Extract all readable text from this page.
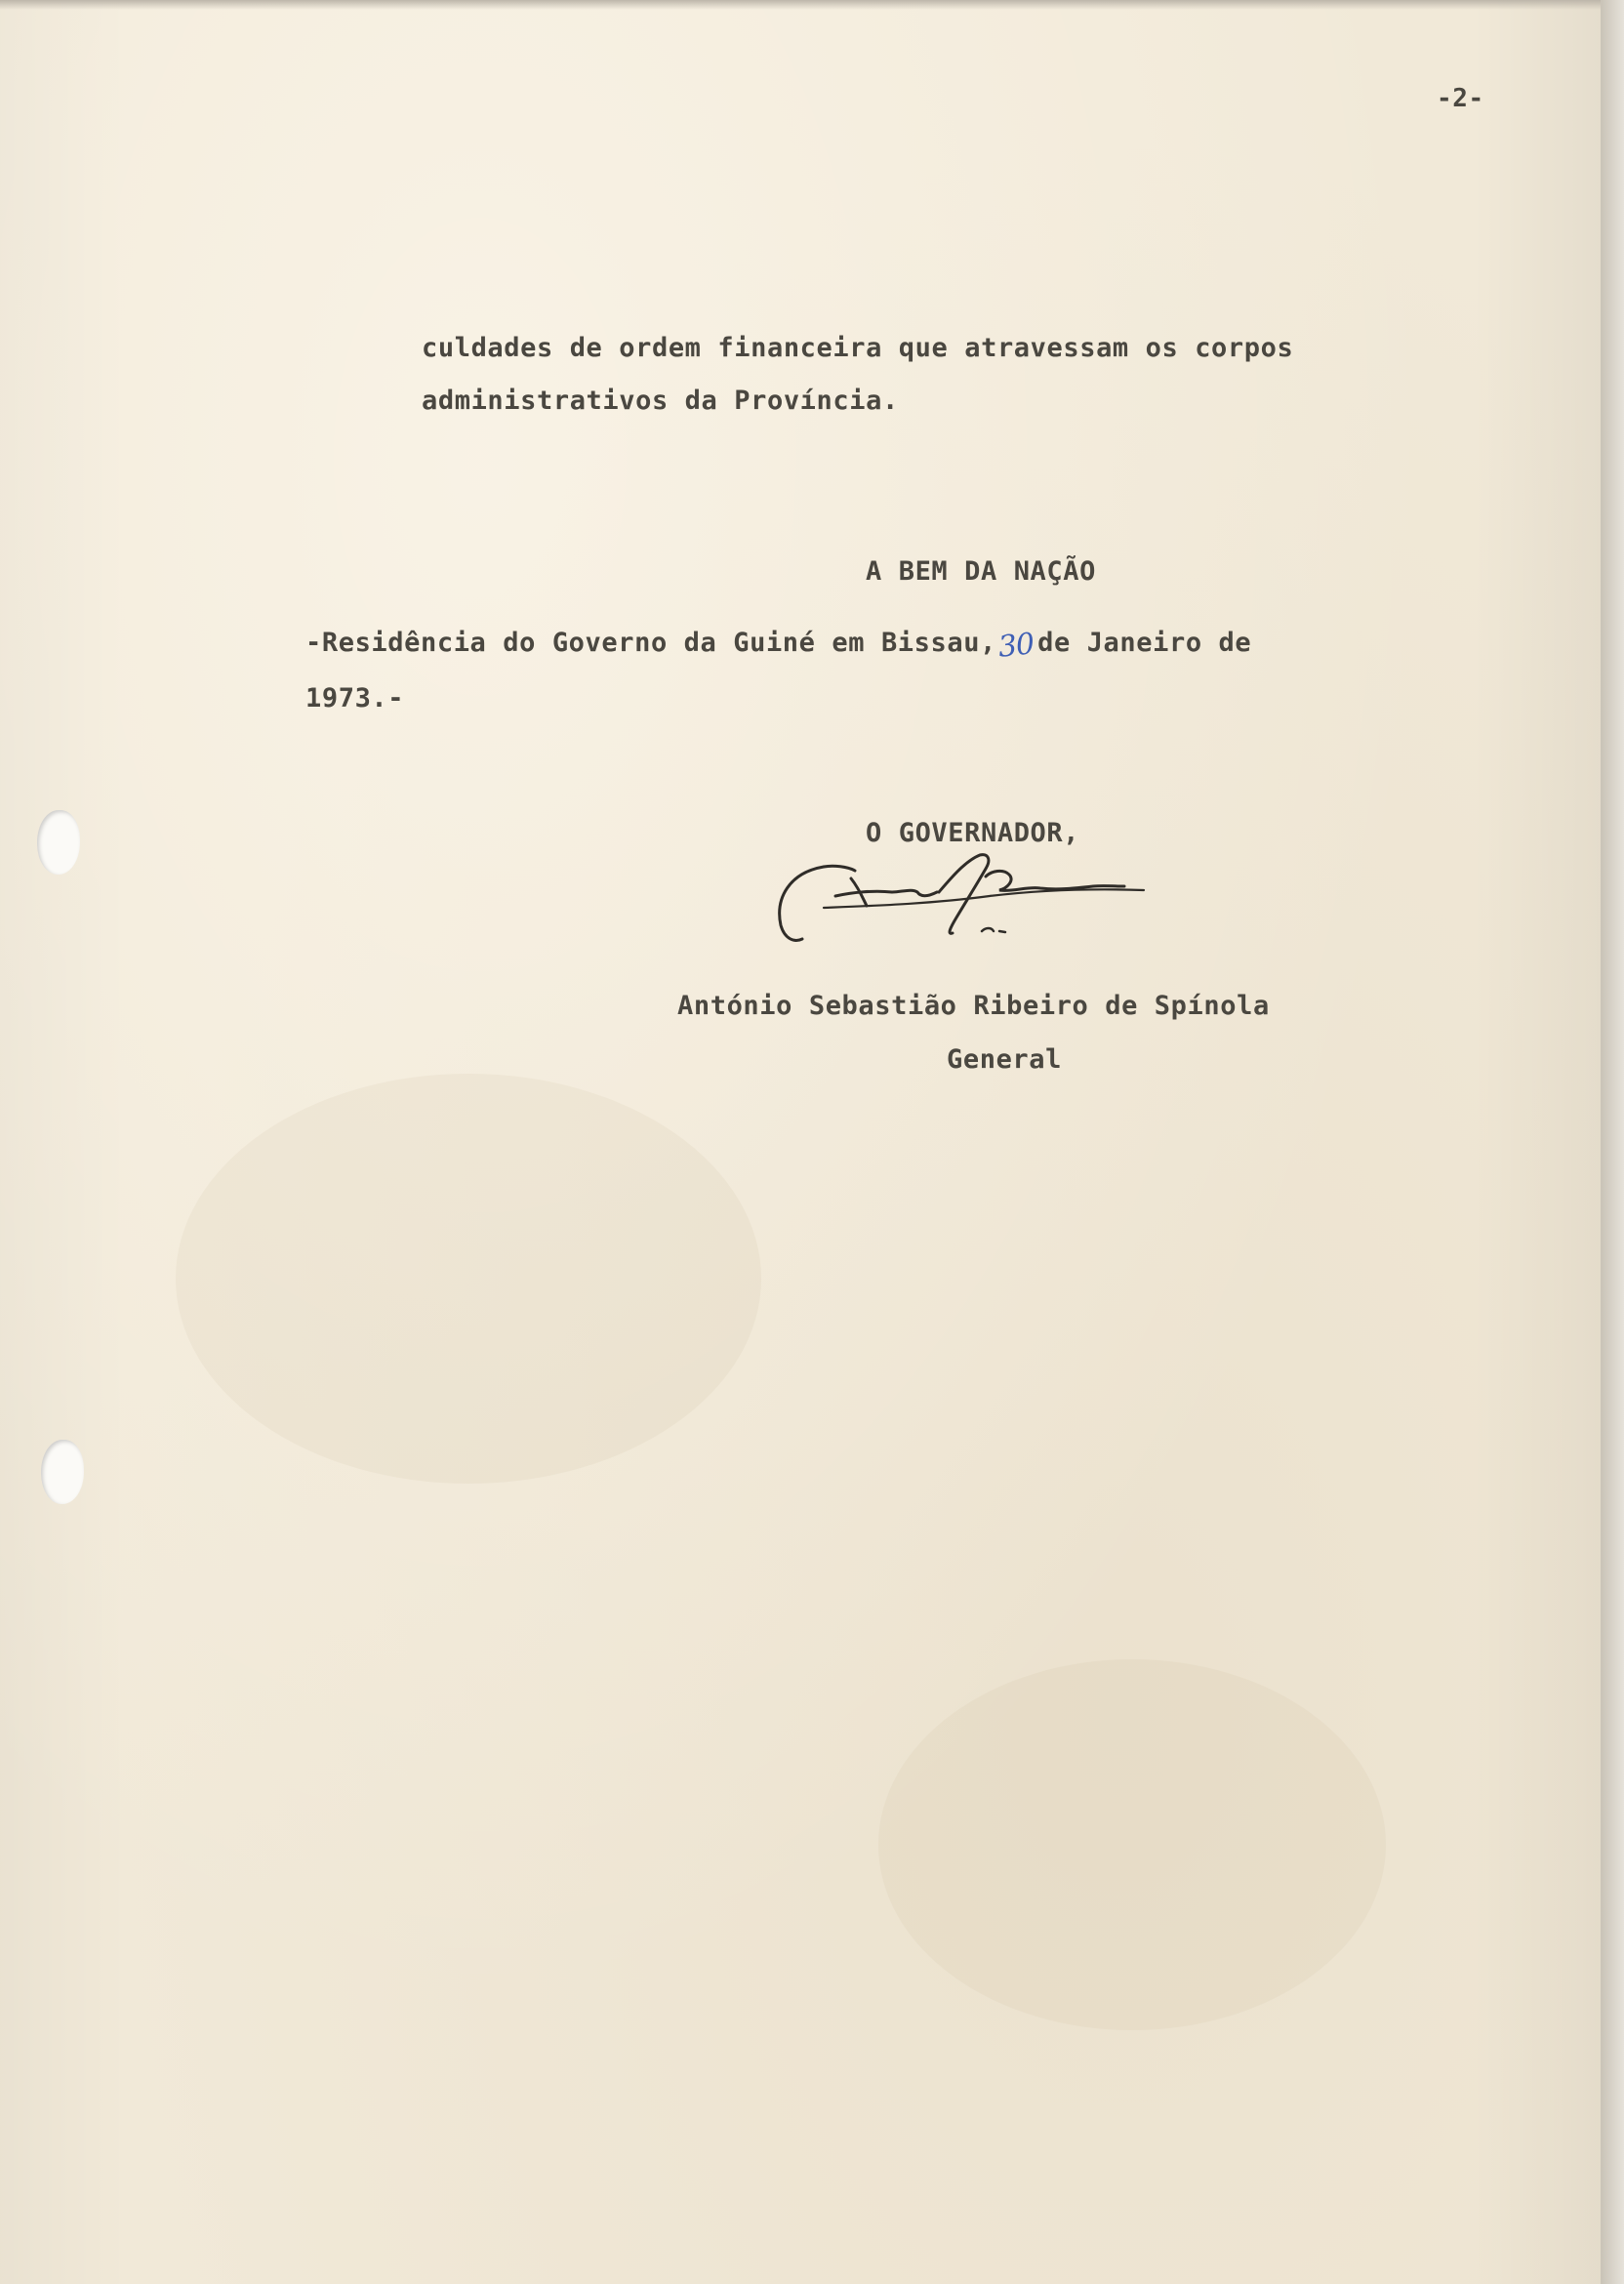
-2-
culdades de ordem financeira que atravessam os corpos
administrativos da Província.
A BEM DA NAÇÃO
-Residência do Governo da Guiné em Bissau,30de Janeiro de
1973.-
O GOVERNADOR,
António Sebastião Ribeiro de Spínola
General
